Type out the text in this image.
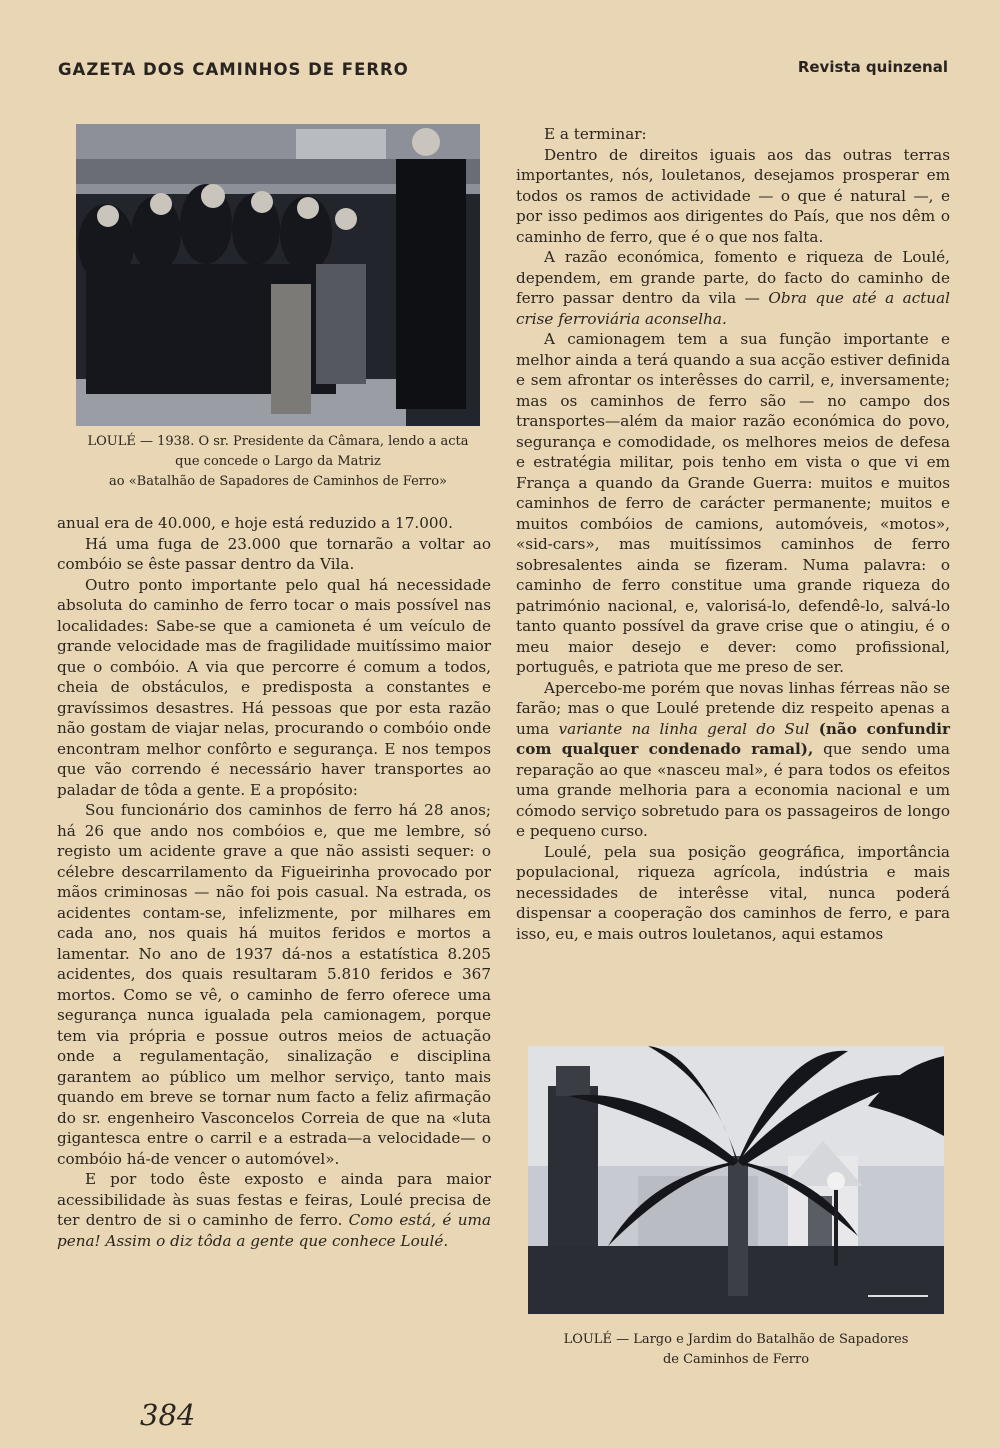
GAZETA DOS CAMINHOS DE FERRO	Revista quinzenal
LOULÉ — 1938. O sr. Presidente da Câmara, lendo a acta
que concede o Largo da Matriz
ao «Batalhão de Sapadores de Caminhos de Ferro»

anual era de 40.000, e hoje está reduzido a 17.000.

Há uma fuga de 23.000 que tornarão a voltar ao combóio se êste passar dentro da Vila.

Outro ponto importante pelo qual há necessidade absoluta do caminho de ferro tocar o mais possível nas localidades: Sabe-se que a camioneta é um veículo de grande velocidade mas de fragilidade muitíssimo maior que o combóio. A via que percorre é comum a todos, cheia de obstáculos, e predisposta a constantes e gravíssimos desastres. Há pessoas que por esta razão não gostam de viajar nelas, procurando o combóio onde encontram melhor confôrto e segurança. E nos tempos que vão correndo é necessário haver transportes ao paladar de tôda a gente. E a propósito:

Sou funcionário dos caminhos de ferro há 28 anos; há 26 que ando nos combóios e, que me lembre, só registo um acidente grave a que não assisti sequer: o célebre descarrilamento da Figueirinha provocado por mãos criminosas — não foi pois casual. Na estrada, os acidentes contam-se, infelizmente, por milhares em cada ano, nos quais há muitos feridos e mortos a lamentar. No ano de 1937 dá-nos a estatística 8.205 acidentes, dos quais resultaram 5.810 feridos e 367 mortos. Como se vê, o caminho de ferro oferece uma segurança nunca igualada pela camionagem, porque tem via própria e possue outros meios de actuação onde a regulamentação, sinalização e disciplina garantem ao público um melhor serviço, tanto mais quando em breve se tornar num facto a feliz afirmação do sr. engenheiro Vasconcelos Correia de que na «luta gigantesca entre o carril e a estrada—a velocidade— o combóio há-de vencer o automóvel».

E por todo êste exposto e ainda para maior acessibilidade às suas festas e feiras, Loulé precisa de ter dentro de si o caminho de ferro. Como está, é uma pena! Assim o diz tôda a gente que conhece Loulé.

E a terminar:

Dentro de direitos iguais aos das outras terras importantes, nós, louletanos, desejamos prosperar em todos os ramos de actividade — o que é natural —, e por isso pedimos aos dirigentes do País, que nos dêm o caminho de ferro, que é o que nos falta.

A razão económica, fomento e riqueza de Loulé, dependem, em grande parte, do facto do caminho de ferro passar dentro da vila — Obra que até a actual crise ferroviária aconselha.

A camionagem tem a sua função importante e melhor ainda a terá quando a sua acção estiver definida e sem afrontar os interêsses do carril, e, inversamente; mas os caminhos de ferro são — no campo dos transportes—além da maior razão económica do povo, segurança e comodidade, os melhores meios de defesa e estratégia militar, pois tenho em vista o que vi em França a quando da Grande Guerra: muitos e muitos caminhos de ferro de carácter permanente; muitos e muitos combóios de camions, automóveis, «motos», «sid-cars», mas muitíssimos caminhos de ferro sobresalentes ainda se fizeram. Numa palavra: o caminho de ferro constitue uma grande riqueza do património nacional, e, valorisá-lo, defendê-lo, salvá-lo tanto quanto possível da grave crise que o atingiu, é o meu maior desejo e dever: como profissional, português, e patriota que me preso de ser.

Apercebo-me porém que novas linhas férreas não se farão; mas o que Loulé pretende diz respeito apenas a uma variante na linha geral do Sul (não confundir com qualquer condenado ramal), que sendo uma reparação ao que «nasceu mal», é para todos os efeitos uma grande melhoria para a economia nacional e um cómodo serviço sobretudo para os passageiros de longo e pequeno curso.

Loulé, pela sua posição geográfica, importância populacional, riqueza agrícola, indústria e mais necessidades de interêsse vital, nunca poderá dispensar a cooperação dos caminhos de ferro, e para isso, eu, e mais outros louletanos, aqui estamos

LOULÉ — Largo e Jardim do Batalhão de Sapadores
de Caminhos de Ferro
384
